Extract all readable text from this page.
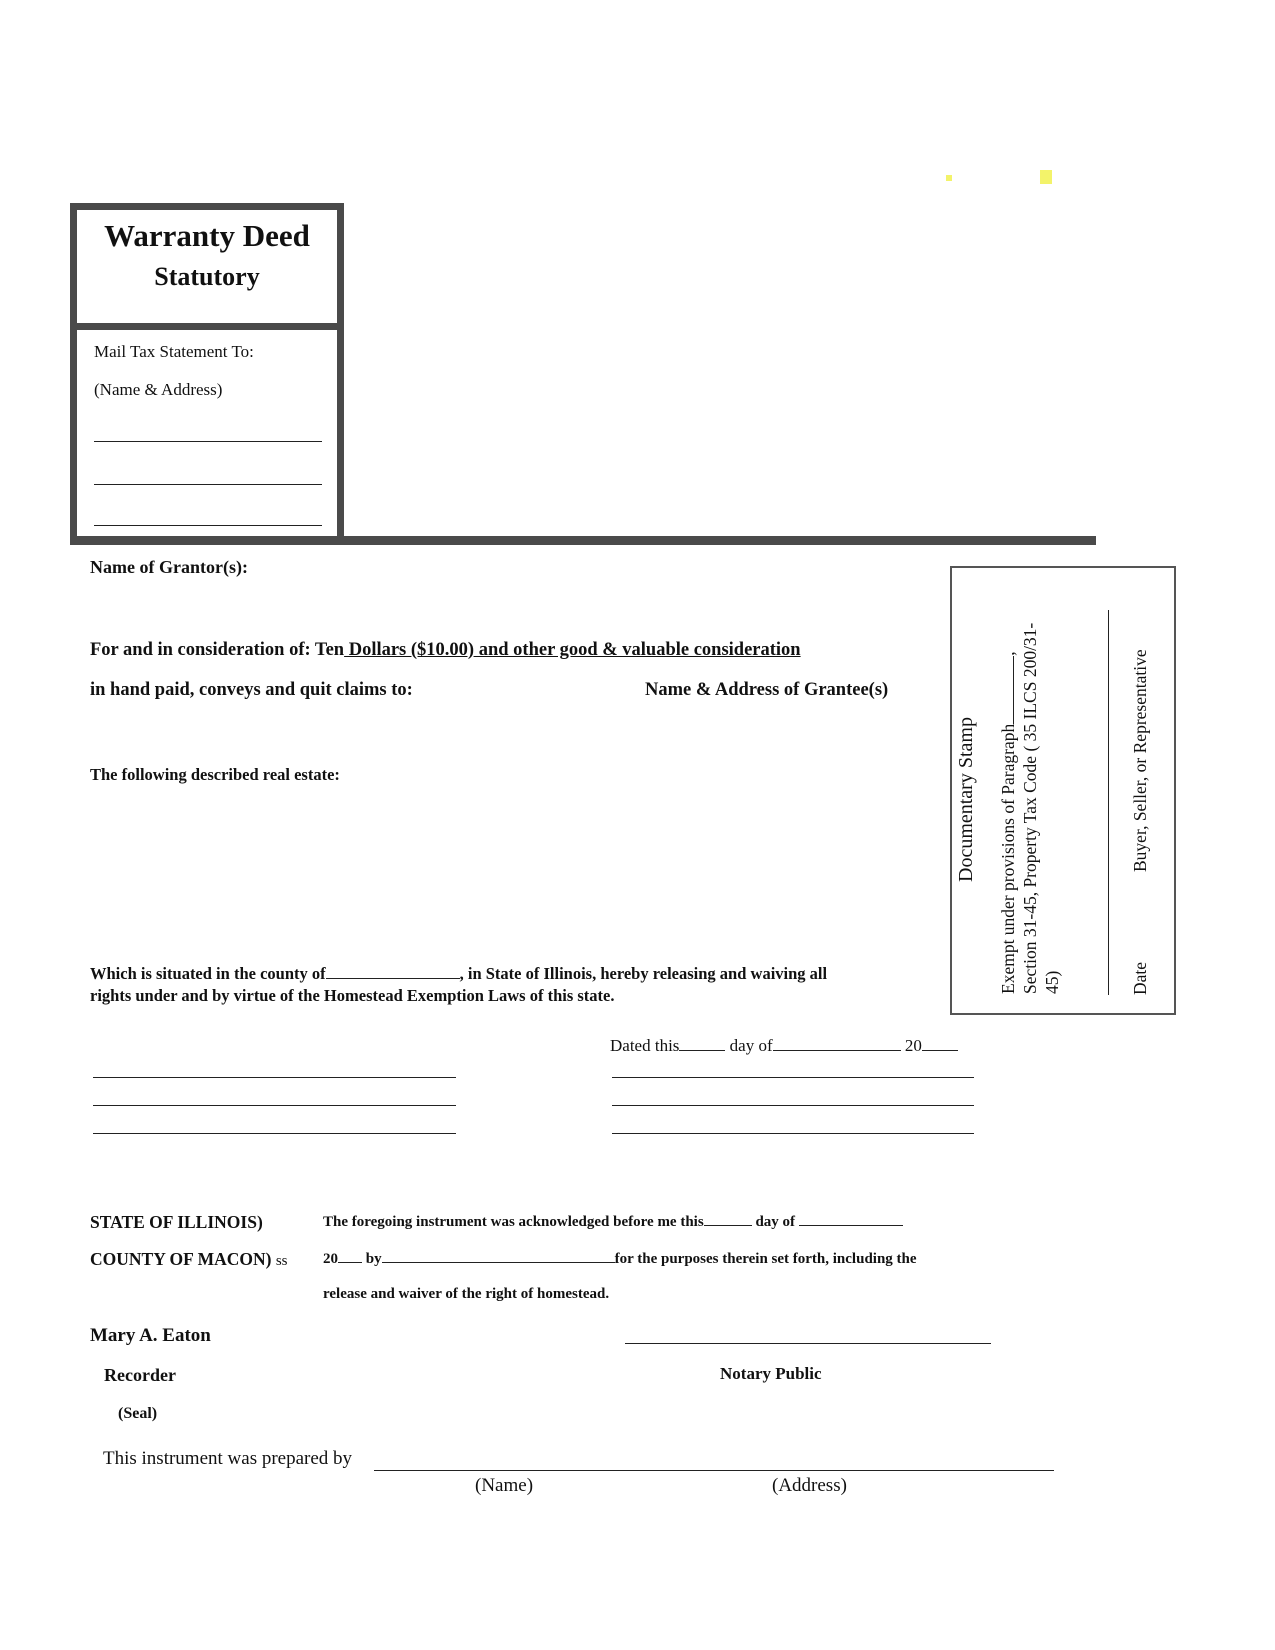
Warranty Deed
Statutory
Mail Tax Statement To:
(Name & Address)
Name of Grantor(s):
For and in consideration of: Ten Dollars ($10.00) and other good & valuable consideration
in hand paid, conveys and quit claims to:	Name & Address of Grantee(s)
The following described real estate:
Which is situated in the county of	, in State of Illinois, hereby releasing and waiving all
rights under and by virtue of the Homestead Exemption Laws of this state.
Dated this	day of	20
Documentary Stamp Exempt under provisions of Paragraph, Section 31-45, Property Tax Code ( 35 ILCS 200/31- 45)
Buyer, Seller, or Representative
Date
STATE OF ILLINOIS)
COUNTY OF MACON) ss
The foregoing instrument was acknowledged before me this	day of
20 by	for the purposes therein set forth, including the
release and waiver of the right of homestead.
Mary A. Eaton
Recorder
(Seal)
Notary Public
This instrument was prepared by
(Name)	(Address)
